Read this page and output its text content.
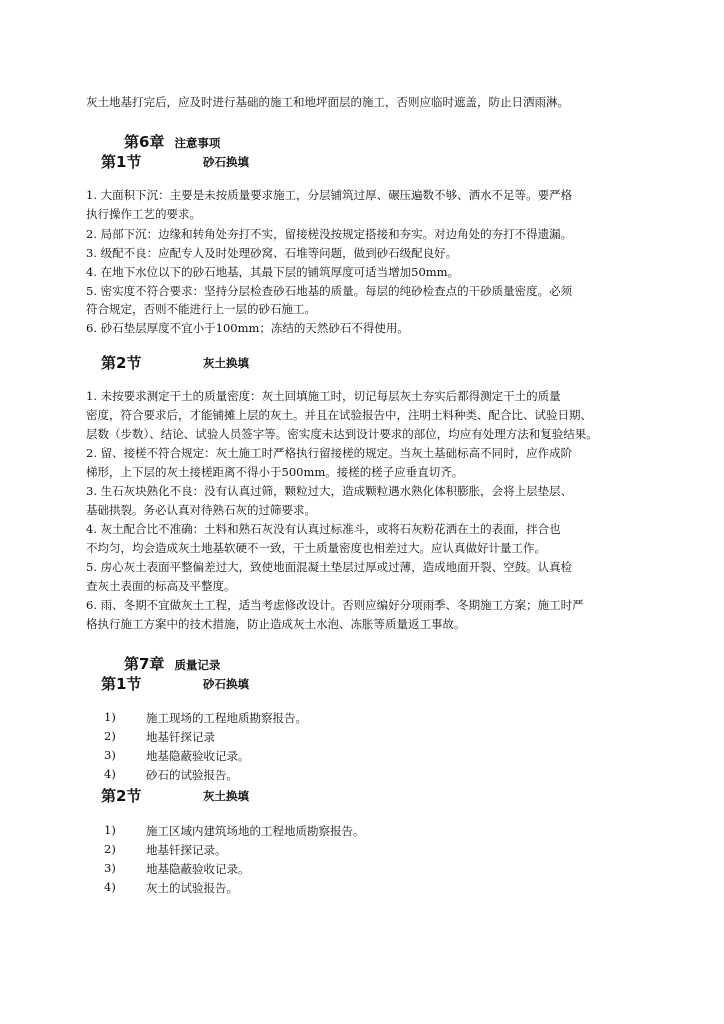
灰土地基打完后，应及时进行基础的施工和地坪面层的施工，否则应临时遮盖，防止日洒雨淋。
第6章 注意事项
第1节	砂石换填
1. 大面积下沉：主要是未按质量要求施工，分层铺筑过厚、碾压遍数不够、洒水不足等。要严格
执行操作工艺的要求。
2. 局部下沉：边缘和转角处夯打不实，留接槎没按规定搭接和夯实。对边角处的夯打不得遗漏。
3. 级配不良：应配专人及时处理砂窝、石堆等问题，做到砂石级配良好。
4. 在地下水位以下的砂石地基，其最下层的铺筑厚度可适当增加50mm。
5. 密实度不符合要求：坚持分层检查砂石地基的质量。每层的纯砂检查点的干砂质量密度。必须
符合规定，否则不能进行上一层的砂石施工。
6. 砂石垫层厚度不宜小于100mm；冻结的天然砂石不得使用。
第2节	灰土换填
1. 未按要求测定干土的质量密度：灰土回填施工时，切记每层灰土夯实后都得测定干土的质量
密度，符合要求后，才能铺摊上层的灰土。并且在试验报告中，注明土料种类、配合比、试验日期、
层数（步数）、结论、试验人员签字等。密实度未达到设计要求的部位，均应有处理方法和复验结果。
2. 留、接槎不符合规定：灰土施工时严格执行留接槎的规定。当灰土基础标高不同时，应作成阶
梯形，上下层的灰土接槎距离不得小于500mm。接槎的槎子应垂直切齐。
3. 生石灰块熟化不良：没有认真过筛，颗粒过大，造成颗粒遇水熟化体积膨胀，会将上层垫层、
基础拱裂。务必认真对待熟石灰的过筛要求。
4. 灰土配合比不准确：土料和熟石灰没有认真过标准斗，或将石灰粉花洒在土的表面，拌合也
不均匀，均会造成灰土地基软硬不一致，干土质量密度也相差过大。应认真做好计量工作。
5. 房心灰土表面平整偏差过大，致使地面混凝土垫层过厚或过薄，造成地面开裂、空鼓。认真检
查灰土表面的标高及平整度。
6. 雨、冬期不宜做灰土工程，适当考虑修改设计。否则应编好分项雨季、冬期施工方案；施工时严
格执行施工方案中的技术措施，防止造成灰土水泡、冻胀等质量返工事故。
第7章 质量记录
第1节	砂石换填
1)	施工现场的工程地质勘察报告。
2)	地基钎探记录
3)	地基隐蔽验收记录。
4)	砂石的试验报告。
第2节	灰土换填
1)	施工区域内建筑场地的工程地质勘察报告。
2)	地基钎探记录。
3)	地基隐蔽验收记录。
4)	灰土的试验报告。
